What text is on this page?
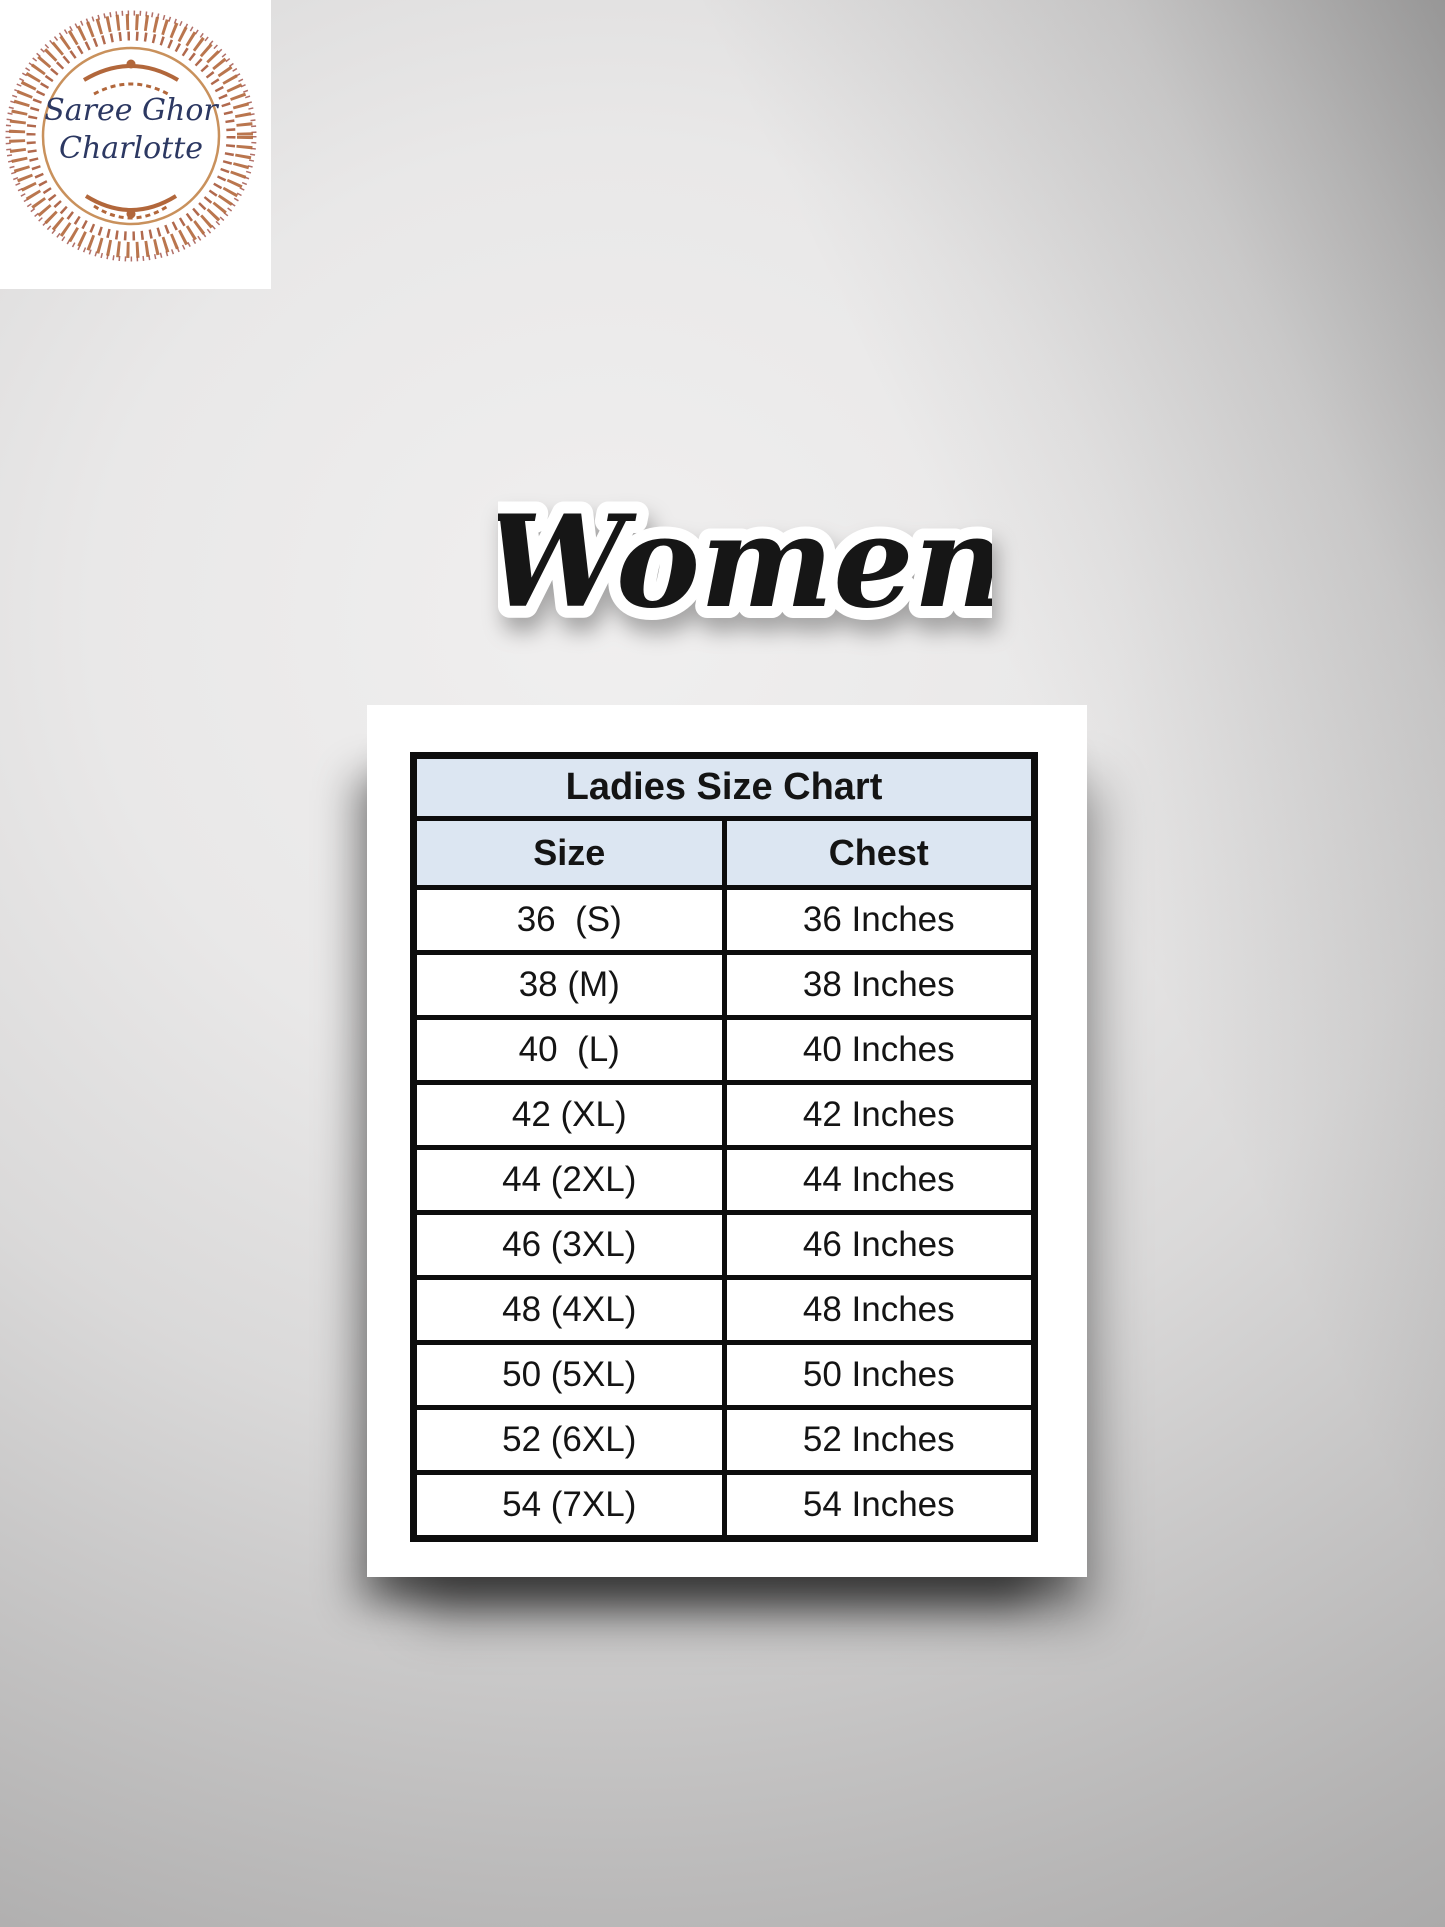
Saree Ghor
Charlotte
Women
Ladies Size Chart	
Size	Chest
36  (S)	36 Inches
38 (M)	38 Inches
40  (L)	40 Inches
42 (XL)	42 Inches
44 (2XL)	44 Inches
46 (3XL)	46 Inches
48 (4XL)	48 Inches
50 (5XL)	50 Inches
52 (6XL)	52 Inches
54 (7XL)	54 Inches
